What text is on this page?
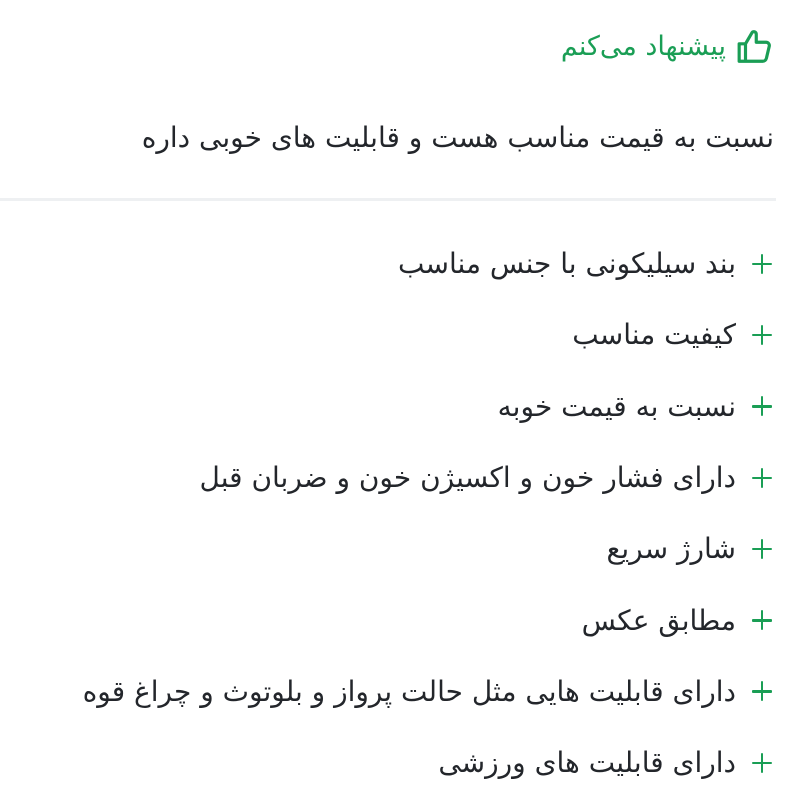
پیشنهاد می‌کنم

نسبت به قیمت مناسب هست و قابلیت های خوبی داره

بند سیلیکونی با جنس مناسب
کیفیت مناسب
نسبت به قیمت خوبه
دارای فشار خون و اکسیژن خون و ضربان قبل
شارژ سریع
مطابق عکس
دارای قابلیت هایی مثل حالت پرواز و بلوتوث و چراغ قوه
دارای قابلیت های ورزشی
